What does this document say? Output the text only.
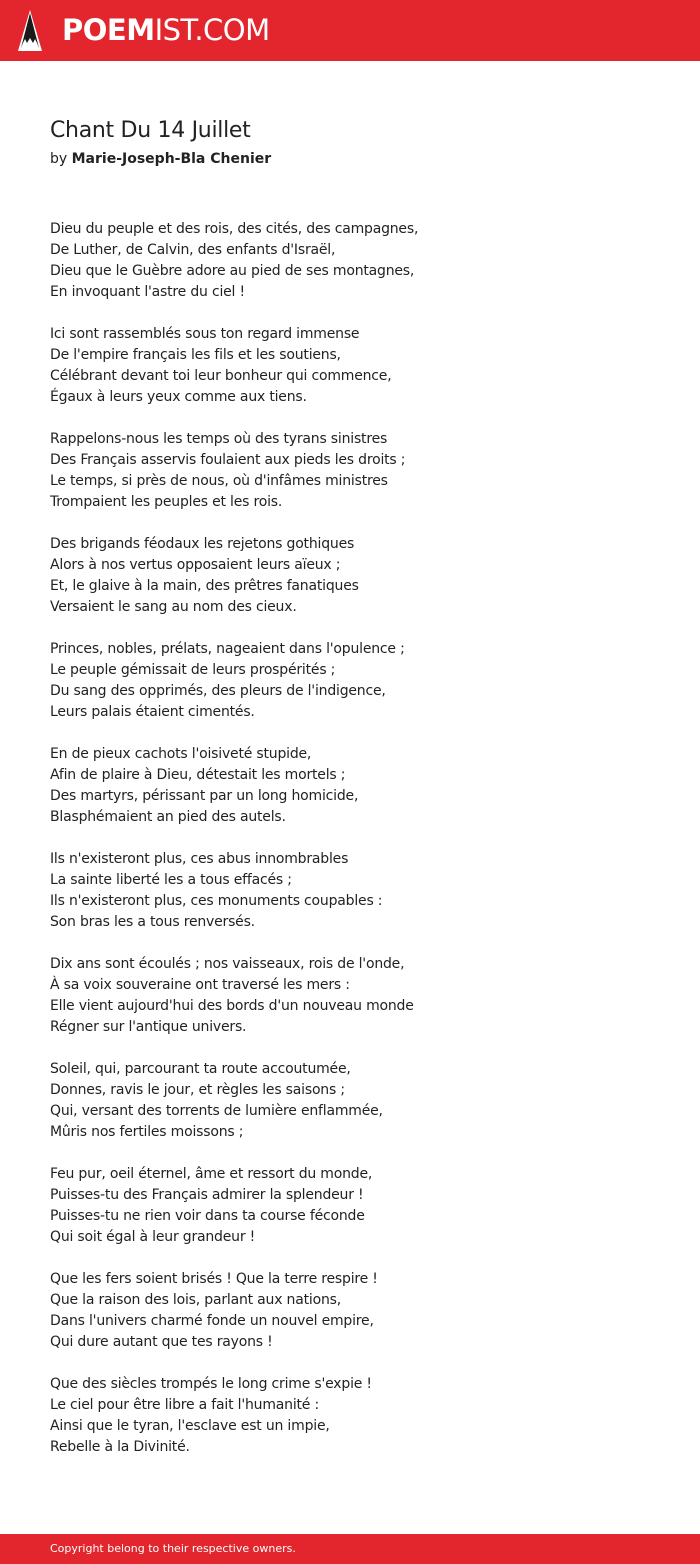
POEMIST.COM
Chant Du 14 Juillet
by Marie-Joseph-Bla Chenier
Dieu du peuple et des rois, des cités, des campagnes,
De Luther, de Calvin, des enfants d'Israël,
Dieu que le Guèbre adore au pied de ses montagnes,
En invoquant l'astre du ciel !
Ici sont rassemblés sous ton regard immense
De l'empire français les fils et les soutiens,
Célébrant devant toi leur bonheur qui commence,
Égaux à leurs yeux comme aux tiens.
Rappelons-nous les temps où des tyrans sinistres
Des Français asservis foulaient aux pieds les droits ;
Le temps, si près de nous, où d'infâmes ministres
Trompaient les peuples et les rois.
Des brigands féodaux les rejetons gothiques
Alors à nos vertus opposaient leurs aïeux ;
Et, le glaive à la main, des prêtres fanatiques
Versaient le sang au nom des cieux.
Princes, nobles, prélats, nageaient dans l'opulence ;
Le peuple gémissait de leurs prospérités ;
Du sang des opprimés, des pleurs de l'indigence,
Leurs palais étaient cimentés.
En de pieux cachots l'oisiveté stupide,
Afin de plaire à Dieu, détestait les mortels ;
Des martyrs, périssant par un long homicide,
Blasphémaient an pied des autels.
Ils n'existeront plus, ces abus innombrables
La sainte liberté les a tous effacés ;
Ils n'existeront plus, ces monuments coupables :
Son bras les a tous renversés.
Dix ans sont écoulés ; nos vaisseaux, rois de l'onde,
À sa voix souveraine ont traversé les mers :
Elle vient aujourd'hui des bords d'un nouveau monde
Régner sur l'antique univers.
Soleil, qui, parcourant ta route accoutumée,
Donnes, ravis le jour, et règles les saisons ;
Qui, versant des torrents de lumière enflammée,
Mûris nos fertiles moissons ;
Feu pur, oeil éternel, âme et ressort du monde,
Puisses-tu des Français admirer la splendeur !
Puisses-tu ne rien voir dans ta course féconde
Qui soit égal à leur grandeur !
Que les fers soient brisés ! Que la terre respire !
Que la raison des lois, parlant aux nations,
Dans l'univers charmé fonde un nouvel empire,
Qui dure autant que tes rayons !
Que des siècles trompés le long crime s'expie !
Le ciel pour être libre a fait l'humanité :
Ainsi que le tyran, l'esclave est un impie,
Rebelle à la Divinité.
Copyright belong to their respective owners.
